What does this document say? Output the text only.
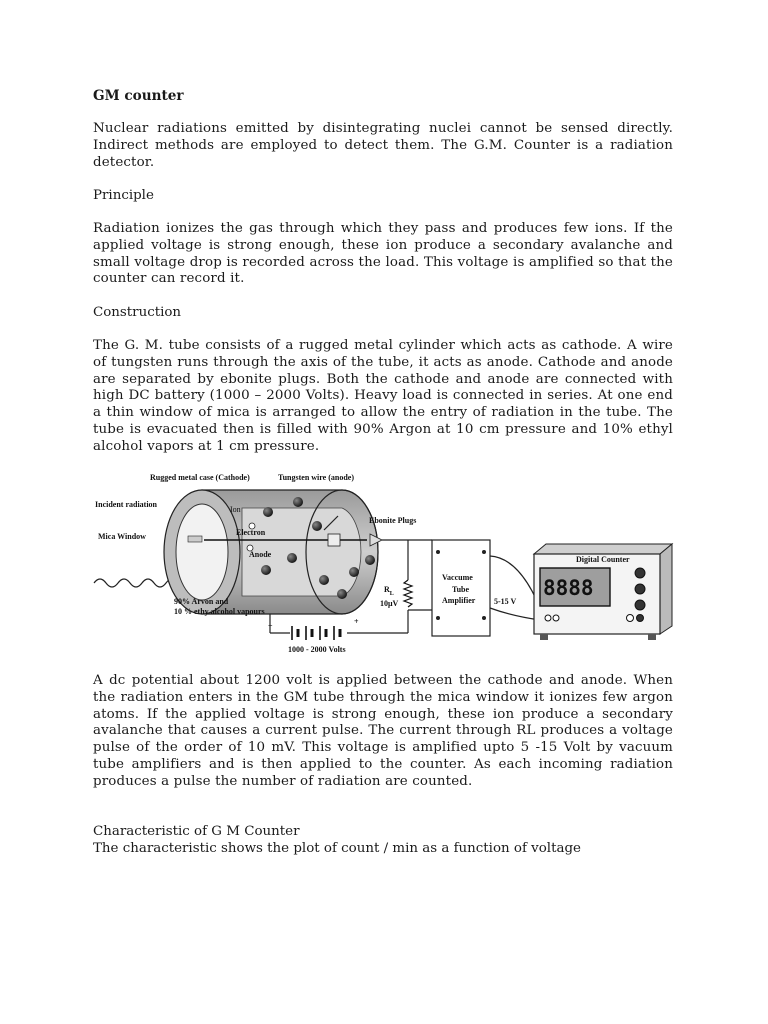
GM counter

Nuclear radiations emitted by disintegrating nuclei cannot be sensed directly. Indirect methods are employed to detect them. The G.M. Counter is a radiation detector.

Principle

Radiation ionizes the gas through which they pass and produces few ions. If the applied voltage is strong enough, these ion produce a secondary avalanche and small voltage drop is recorded across the load. This voltage is amplified so that the counter can record it.

Construction

The G. M. tube consists of a rugged metal cylinder which acts as cathode. A wire of tungsten runs through the axis of the tube, it acts as anode. Cathode and anode are separated by ebonite plugs. Both the cathode and anode are connected with high DC battery (1000 – 2000 Volts). Heavy load is connected in series. At one end a thin window of mica is arranged to allow the entry of radiation in the tube. The tube is evacuated then is filled with 90% Argon at 10 cm pressure and 10% ethyl alcohol vapors at 1 cm pressure.

Rugged metal case (Cathode)	Tungsten wire (anode)
Incident radiation
Ion
Electron
Anode
Ebonite Plugs
Mica Window
90% Arvon and
10 % ethy alcohol vapours
$R_L$
10μV
Vaccume
Tube
Amplifier 5-15 V
Digital Counter
8888
−	+
1000 - 2000 Volts

A dc potential about 1200 volt is applied between the cathode and anode. When the radiation enters in the GM tube through the mica window it ionizes few argon atoms. If the applied voltage is strong enough, these ion produce a secondary avalanche that causes a current pulse. The current through RL produces a voltage pulse of the order of 10 mV. This voltage is amplified upto 5 -15 Volt by vacuum tube amplifiers and is then applied to the counter. As each incoming radiation produces a pulse the number of radiation are counted.

Characteristic of G M Counter

The characteristic shows the plot of count / min as a function of voltage
